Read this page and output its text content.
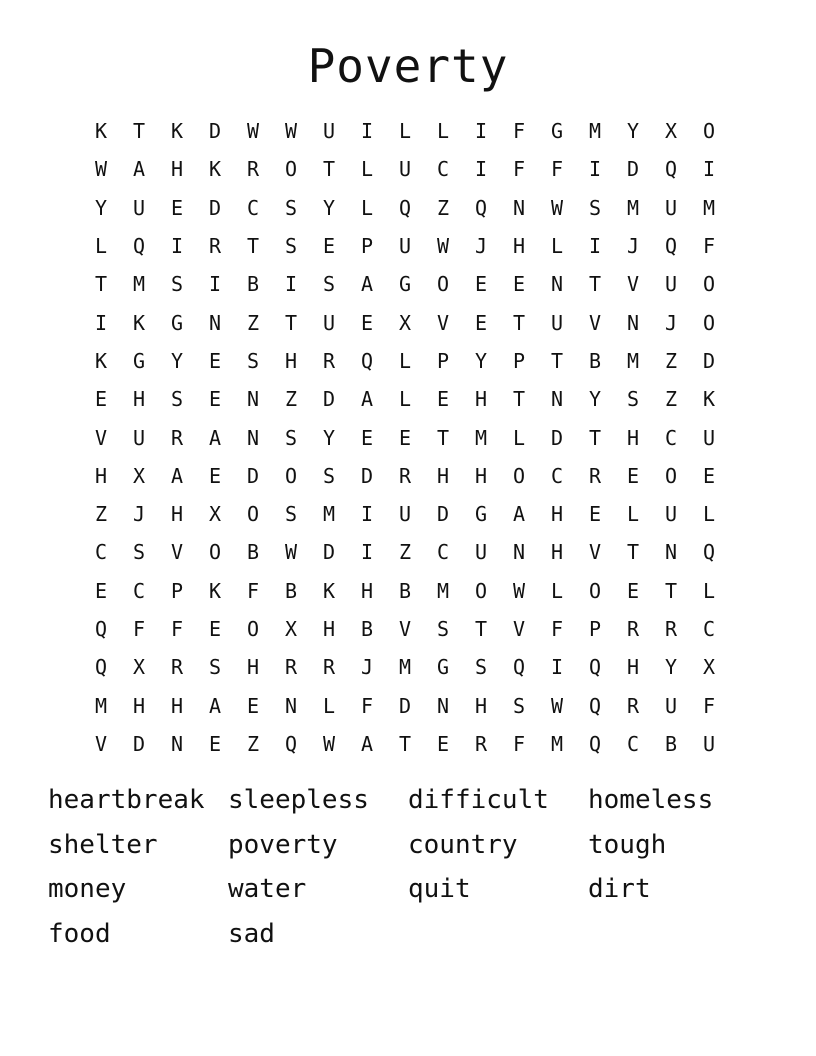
Poverty
K	T	K	D	W	W	U	I	L	L	I	F	G	M	Y	X	O
W	A	H	K	R	O	T	L	U	C	I	F	F	I	D	Q	I
Y	U	E	D	C	S	Y	L	Q	Z	Q	N	W	S	M	U	M
L	Q	I	R	T	S	E	P	U	W	J	H	L	I	J	Q	F
T	M	S	I	B	I	S	A	G	O	E	E	N	T	V	U	O
I	K	G	N	Z	T	U	E	X	V	E	T	U	V	N	J	O
K	G	Y	E	S	H	R	Q	L	P	Y	P	T	B	M	Z	D
E	H	S	E	N	Z	D	A	L	E	H	T	N	Y	S	Z	K
V	U	R	A	N	S	Y	E	E	T	M	L	D	T	H	C	U
H	X	A	E	D	O	S	D	R	H	H	O	C	R	E	O	E
Z	J	H	X	O	S	M	I	U	D	G	A	H	E	L	U	L
C	S	V	O	B	W	D	I	Z	C	U	N	H	V	T	N	Q
E	C	P	K	F	B	K	H	B	M	O	W	L	O	E	T	L
Q	F	F	E	O	X	H	B	V	S	T	V	F	P	R	R	C
Q	X	R	S	H	R	R	J	M	G	S	Q	I	Q	H	Y	X
M	H	H	A	E	N	L	F	D	N	H	S	W	Q	R	U	F
V	D	N	E	Z	Q	W	A	T	E	R	F	M	Q	C	B	U
heartbreak sleepless	difficult	homeless
shelter	poverty	country	tough
money	water	quit	dirt
food	sad
